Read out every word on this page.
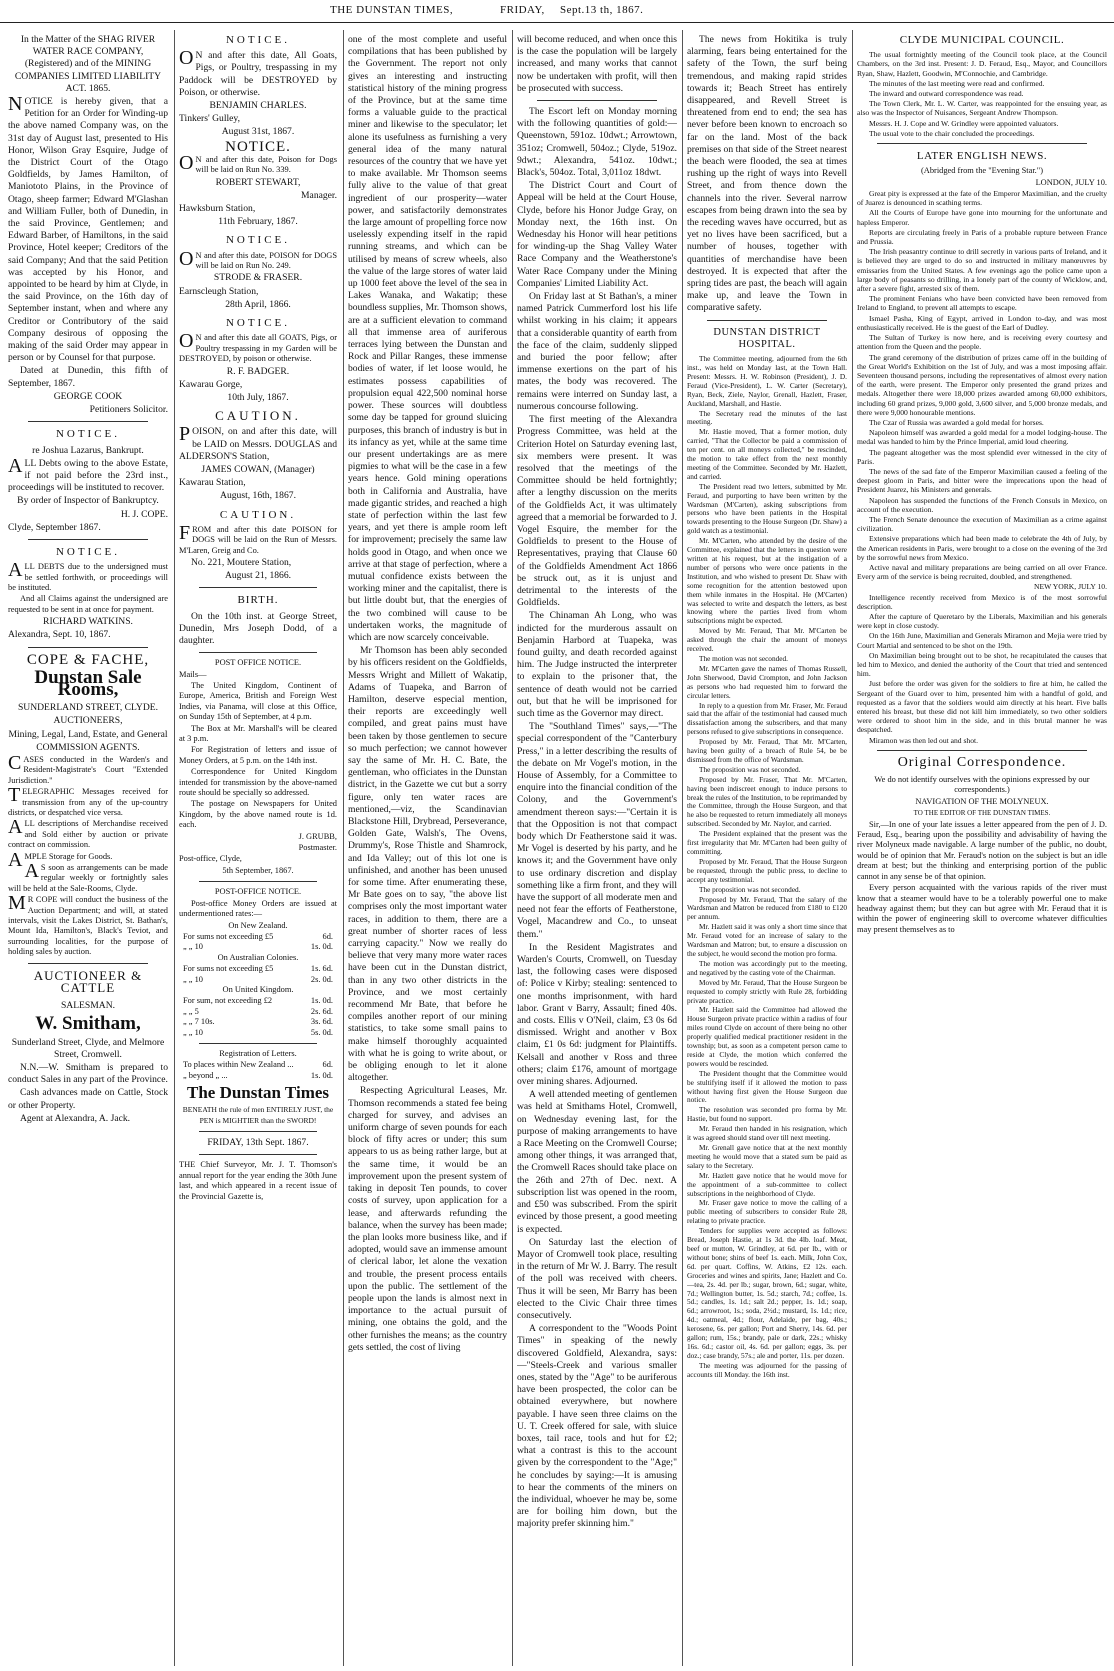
THE DUNSTAN TIMES,	FRIDAY, Sept.13 th, 1867.

In the Matter of the SHAG RIVER WATER RACE COMPANY, (Registered) and of the MINING COMPANIES LIMITED LIABILITY ACT. 1865.

NOTICE is hereby given, that a Petition for an Order for Winding-up the above named Company was, on the 31st day of August last, presented to His Honor, Wilson Gray Esquire, Judge of the District Court of the Otago Goldfields, by James Hamilton, of Maniototo Plains, in the Province of Otago, sheep farmer; Edward M'Glashan and William Fuller, both of Dunedin, in the said Province, Gentlemen; and Edward Barber, of Hamiltons, in the said Province, Hotel keeper; Creditors of the said Company; And that the said Petition was accepted by his Honor, and appointed to be heard by him at Clyde, in the said Province, on the 16th day of September instant, when and where any Creditor or Contributory of the said Company desirous of opposing the making of the said Order may appear in person or by Counsel for that purpose.

Dated at Dunedin, this fifth of September, 1867.

GEORGE COOK

Petitioners Solicitor.

NOTICE.

re Joshua Lazarus, Bankrupt.

ALL Debts owing to the above Estate, if not paid before the 23rd inst., proceedings will be instituted to recover.

By order of Inspector of Bankruptcy.

H. J. COPE.

Clyde, September 1867.

NOTICE.

ALL DEBTS due to the undersigned must be settled forthwith, or proceedings will be instituted.

And all Claims against the undersigned are requested to be sent in at once for payment.

RICHARD WATKINS.

Alexandra, Sept. 10, 1867.

COPE & FACHE,
Dunstan Sale Rooms,

SUNDERLAND STREET, CLYDE.

AUCTIONEERS,

Mining, Legal, Land, Estate, and General

COMMISSION AGENTS.

CASES conducted in the Warden's and Resident-Magistrate's Court "Extended Jurisdiction."

TELEGRAPHIC Messages received for transmission from any of the up-country districts, or despatched vice versa.

ALL descriptions of Merchandise received and Sold either by auction or private contract on commission.

AMPLE Storage for Goods.

AS soon as arrangements can be made regular weekly or fortnightly sales will be held at the Sale-Rooms, Clyde.

MR COPE will conduct the business of the Auction Department; and will, at stated intervals, visit the Lakes District, St. Bathan's, Mount Ida, Hamilton's, Black's Teviot, and surrounding localities, for the purpose of holding sales by auction.

AUCTIONEER & CATTLE

SALESMAN.

W. Smitham,

Sunderland Street, Clyde, and Melmore Street, Cromwell.

N.N.—W. Smitham is prepared to conduct Sales in any part of the Province.

Cash advances made on Cattle, Stock or other Property.

Agent at Alexandra, A. Jack.

NOTICE.

ON and after this date, All Goats, Pigs, or Poultry, trespassing in my Paddock will be DESTROYED by Poison, or otherwise.

BENJAMIN CHARLES.

Tinkers' Gulley,

August 31st, 1867.

NOTICE.

ON and after this date, Poison for Dogs will be laid on Run No. 339.

ROBERT STEWART,

Manager.

Hawksburn Station,

11th February, 1867.

NOTICE.

ON and after this date, POISON for DOGS will be laid on Run No. 249.

STRODE & FRASER.

Earnscleugh Station,

28th April, 1866.

NOTICE.

ON and after this date all GOATS, Pigs, or Poultry trespassing in my Garden will be DESTROYED, by poison or otherwise.

R. F. BADGER.

Kawarau Gorge,

10th July, 1867.

CAUTION.

POISON, on and after this date, will be LAID on Messrs. DOUGLAS and ALDERSON'S Station,

JAMES COWAN, (Manager)

Kawarau Station,

August, 16th, 1867.

CAUTION.

FROM and after this date POISON for DOGS will be laid on the Run of Messrs. M'Laren, Greig and Co.

No. 221, Moutere Station,

August 21, 1866.

BIRTH.

On the 10th inst. at George Street, Dunedin, Mrs Joseph Dodd, of a daughter.

POST OFFICE NOTICE.

Mails—

The United Kingdom, Continent of Europe, America, British and Foreign West Indies, via Panama, will close at this Office, on Sunday 15th of September, at 4 p.m.

The Box at Mr. Marshall's will be cleared at 3 p.m.

For Registration of letters and issue of Money Orders, at 5 p.m. on the 14th inst.

Correspondence for United Kingdom intended for transmission by the above-named route should be specially so addressed.

The postage on Newspapers for United Kingdom, by the above named route is 1d. each.

J. GRUBB,

Postmaster.

Post-office, Clyde,

5th September, 1867.

POST-OFFICE NOTICE.

Post-office Money Orders are issued at undermentioned rates:—

On New Zealand.

For sums not exceeding £5	6d.
„ „ 10	1s. 0d.

On Australian Colonies.

For sums not exceeding £5	1s. 6d.
„ „ 10	2s. 0d.

On United Kingdom.

For sum, not exceeding £2	1s. 0d.
„ „ 5	2s. 6d.
„ „ 7 10s.	3s. 6d.
„ „ 10	5s. 0d.

Registration of Letters.

To places within New Zealand ...	6d.
„ beyond „ ...	1s. 0d.
The Dunstan Times

BENEATH the rule of men ENTIRELY JUST, the PEN is MIGHTIER than the SWORD!

FRIDAY, 13th Sept. 1867.

THE Chief Surveyor, Mr. J. T. Thomson's annual report for the year ending the 30th June last, and which appeared in a recent issue of the Provincial Gazette is,

one of the most complete and useful compilations that has been published by the Government. The report not only gives an interesting and instructing statistical history of the mining progress of the Province, but at the same time forms a valuable guide to the practical miner and likewise to the speculator; let alone its usefulness as furnishing a very general idea of the many natural resources of the country that we have yet to make available. Mr Thomson seems fully alive to the value of that great ingredient of our prosperity—water power, and satisfactorily demonstrates the large amount of propelling force now uselessly expending itself in the rapid running streams, and which can be utilised by means of screw wheels, also the value of the large stores of water laid up 1000 feet above the level of the sea in Lakes Wanaka, and Wakatip; these boundless supplies, Mr. Thomson shows, are at a sufficient elevation to command all that immense area of auriferous terraces lying between the Dunstan and Rock and Pillar Ranges, these immense bodies of water, if let loose would, he estimates possess capabilities of propulsion equal 422,500 nominal horse power. These sources will doubtless some day be tapped for ground sluicing purposes, this branch of industry is but in its infancy as yet, while at the same time our present undertakings are as mere pigmies to what will be the case in a few years hence. Gold mining operations both in California and Australia, have made gigantic strides, and reached a high state of perfection within the last few years, and yet there is ample room left for improvement; precisely the same law holds good in Otago, and when once we arrive at that stage of perfection, where a mutual confidence exists between the working miner and the capitalist, there is but little doubt but, that the energies of the two combined will cause to be undertaken works, the magnitude of which are now scarcely conceivable.

Mr Thomson has been ably seconded by his officers resident on the Goldfields, Messrs Wright and Millett of Wakatip, Adams of Tuapeka, and Barron of Hamilton, deserve especial mention, their reports are exceedingly well compiled, and great pains must have been taken by those gentlemen to secure so much perfection; we cannot however say the same of Mr. H. C. Bate, the gentleman, who officiates in the Dunstan district, in the Gazette we cut but a sorry figure, only ten water races are mentioned,—viz, the Scandinavian Blackstone Hill, Drybread, Perseverance, Golden Gate, Walsh's, The Ovens, Drummy's, Rose Thistle and Shamrock, and Ida Valley; out of this lot one is unfinished, and another has been unused for some time. After enumerating these, Mr Bate goes on to say, "the above list comprises only the most important water races, in addition to them, there are a great number of shorter races of less carrying capacity." Now we really do believe that very many more water races have been cut in the Dunstan district, than in any two other districts in the Province, and we most certainly recommend Mr Bate, that before he compiles another report of our mining statistics, to take some small pains to make himself thoroughly acquainted with what he is going to write about, or be obliging enough to let it alone altogether.

Respecting Agricultural Leases, Mr. Thomson recommends a stated fee being charged for survey, and advises an uniform charge of seven pounds for each block of fifty acres or under; this sum appears to us as being rather large, but at the same time, it would be an improvement upon the present system of taking in deposit Ten pounds, to cover costs of survey, upon application for a lease, and afterwards refunding the balance, when the survey has been made; the plan looks more business like, and if adopted, would save an immense amount of clerical labor, let alone the vexation and trouble, the present process entails upon the public. The settlement of the people upon the lands is almost next in importance to the actual pursuit of mining, one obtains the gold, and the other furnishes the means; as the country gets settled, the cost of living

will become reduced, and when once this is the case the population will be largely increased, and many works that cannot now be undertaken with profit, will then be prosecuted with success.

The Escort left on Monday morning with the following quantities of gold:—Queenstown, 591oz. 10dwt.; Arrowtown, 351oz; Cromwell, 504oz.; Clyde, 519oz. 9dwt.; Alexandra, 541oz. 10dwt.; Black's, 504oz. Total, 3,011oz 18dwt.

The District Court and Court of Appeal will be held at the Court House, Clyde, before his Honor Judge Gray, on Monday next, the 16th inst. On Wednesday his Honor will hear petitions for winding-up the Shag Valley Water Race Company and the Weatherstone's Water Race Company under the Mining Companies' Limited Liability Act.

On Friday last at St Bathan's, a miner named Patrick Cummerford lost his life whilst working in his claim; it appears that a considerable quantity of earth from the face of the claim, suddenly slipped and buried the poor fellow; after immense exertions on the part of his mates, the body was recovered. The remains were interred on Sunday last, a numerous concourse following.

The first meeting of the Alexandra Progress Committee, was held at the Criterion Hotel on Saturday evening last, six members were present. It was resolved that the meetings of the Committee should be held fortnightly; after a lengthy discussion on the merits of the Goldfields Act, it was ultimately agreed that a memorial be forwarded to J. Vogel Esquire, the member for the Goldfields to present to the House of Representatives, praying that Clause 60 of the Goldfields Amendment Act 1866 be struck out, as it is unjust and detrimental to the interests of the Goldfields.

The Chinaman Ah Long, who was indicted for the murderous assault on Benjamin Harbord at Tuapeka, was found guilty, and death recorded against him. The Judge instructed the interpreter to explain to the prisoner that, the sentence of death would not be carried out, but that he will be imprisoned for such time as the Governor may direct.

The "Southland Times" says,—"The special correspondent of the "Canterbury Press," in a letter describing the results of the debate on Mr Vogel's motion, in the House of Assembly, for a Committee to enquire into the financial condition of the Colony, and the Government's amendment thereon says:—"Certain it is that the Opposition is not that compact body which Dr Featherstone said it was. Mr Vogel is deserted by his party, and he knows it; and the Government have only to use ordinary discretion and display something like a firm front, and they will have the support of all moderate men and need not fear the efforts of Featherstone, Vogel, Macandrew and Co., to unseat them."

In the Resident Magistrates and Warden's Courts, Cromwell, on Tuesday last, the following cases were disposed of: Police v Kirby; stealing: sentenced to one months imprisonment, with hard labor. Grant v Barry, Assault; fined 40s. and costs. Ellis v O'Neil, claim, £3 0s 6d dismissed. Wright and another v Box claim, £1 0s 6d: judgment for Plaintiffs. Kelsall and another v Ross and three others; claim £176, amount of mortgage over mining shares. Adjourned.

A well attended meeting of gentlemen was held at Smithams Hotel, Cromwell, on Wednesday evening last, for the purpose of making arrangements to have a Race Meeting on the Cromwell Course; among other things, it was arranged that, the Cromwell Races should take place on the 26th and 27th of Dec. next. A subscription list was opened in the room, and £50 was subscribed. From the spirit evinced by those present, a good meeting is expected.

On Saturday last the election of Mayor of Cromwell took place, resulting in the return of Mr W. J. Barry. The result of the poll was received with cheers. Thus it will be seen, Mr Barry has been elected to the Civic Chair three times consecutively.

A correspondent to the "Woods Point Times" in speaking of the newly discovered Goldfield, Alexandra, says:—"Steels-Creek and various smaller ones, stated by the "Age" to be auriferous have been prospected, the color can be obtained everywhere, but nowhere payable. I have seen three claims on the U. T. Creek offered for sale, with sluice boxes, tail race, tools and hut for £2; what a contrast is this to the account given by the correspondent to the "Age;" he concludes by saying:—It is amusing to hear the comments of the miners on the individual, whoever he may be, some are for boiling him down, but the majority prefer skinning him."

The news from Hokitika is truly alarming, fears being entertained for the safety of the Town, the surf being tremendous, and making rapid strides towards it; Beach Street has entirely disappeared, and Revell Street is threatened from end to end; the sea has never before been known to encroach so far on the land. Most of the back premises on that side of the Street nearest the beach were flooded, the sea at times rushing up the right of ways into Revell Street, and from thence down the channels into the river. Several narrow escapes from being drawn into the sea by the receding waves have occurred, but as yet no lives have been sacrificed, but a number of houses, together with quantities of merchandise have been destroyed. It is expected that after the spring tides are past, the beach will again make up, and leave the Town in comparative safety.

DUNSTAN DISTRICT HOSPITAL.

The Committee meeting, adjourned from the 6th inst., was held on Monday last, at the Town Hall. Present: Messrs. H. W. Robinson (President), J. D. Feraud (Vice-President), L. W. Carter (Secretary), Ryan, Beck, Ziele, Naylor, Grenall, Hazlett, Fraser, Auckland, Marshall, and Hastie.

The Secretary read the minutes of the last meeting.

Mr. Hastie moved, That a former motion, duly carried, "That the Collector be paid a commission of ten per cent. on all moneys collected," be rescinded, the motion to take effect from the next monthly meeting of the Committee. Seconded by Mr. Hazlett, and carried.

The President read two letters, submitted by Mr. Feraud, and purporting to have been written by the Wardsman (M'Carten), asking subscriptions from persons who have been patients in the Hospital towards presenting to the House Surgeon (Dr. Shaw) a gold watch as a testimonial.

Mr. M'Carten, who attended by the desire of the Committee, explained that the letters in question were written at his request, but at the instigation of a number of persons who were once patients in the Institution, and who wished to present Dr. Shaw with some recognition for the attention bestowed upon them while inmates in the Hospital. He (M'Carten) was selected to write and despatch the letters, as best knowing where the parties lived from whom subscriptions might be expected.

Moved by Mr. Feraud, That Mr. M'Carten be asked through the chair the amount of moneys received.

The motion was not seconded.

Mr. M'Carten gave the names of Thomas Russell, John Sherwood, David Crompton, and John Jackson as persons who had requested him to forward the circular letters.

In reply to a question from Mr. Fraser, Mr. Feraud said that the affair of the testimonial had caused much dissatisfaction among the subscribers, and that many persons refused to give subscriptions in consequence.

Proposed by Mr. Feraud, That Mr. M'Carten, having been guilty of a breach of Rule 54, be be dismissed from the office of Wardsman.

The proposition was not seconded.

Proposed by Mr. Fraser, That Mr. M'Carten, having been indiscreet enough to induce persons to break the rules of the Institution, to be reprimanded by the Committee, through the House Surgeon, and that he also be requested to return immediately all moneys subscribed. Seconded by Mr. Naylor, and carried.

The President explained that the present was the first irregularity that Mr. M'Carten had been guilty of committing.

Proposed by Mr. Feraud, That the House Surgeon be requested, through the public press, to decline to accept any testimonial.

The proposition was not seconded.

Proposed by Mr. Feraud, That the salary of the Wardsman and Matron be reduced from £180 to £120 per annum.

Mr. Hazlett said it was only a short time since that Mr. Feraud voted for an increase of salary to the Wardsman and Matron; but, to ensure a discussion on the subject, he would second the motion pro forma.

The motion was accordingly put to the meeting, and negatived by the casting vote of the Chairman.

Moved by Mr. Feraud, That the House Surgeon be requested to comply strictly with Rule 28, forbidding private practice.

Mr. Hazlett said the Committee had allowed the House Surgeon private practice within a radius of four miles round Clyde on account of there being no other properly qualified medical practitioner resident in the township; but, as soon as a competent person came to reside at Clyde, the motion which conferred the powers would be rescinded.

The President thought that the Committee would be stultifying itself if it allowed the motion to pass without having first given the House Surgeon due notice.

The resolution was seconded pro forma by Mr. Hastie, but found no support.

Mr. Feraud then handed in his resignation, which it was agreed should stand over till next meeting.

Mr. Grenall gave notice that at the next monthly meeting he would move that a stated sum be paid as salary to the Secretary.

Mr. Hazlett gave notice that he would move for the appointment of a sub-committee to collect subscriptions in the neighborhood of Clyde.

Mr. Fraser gave notice to move the calling of a public meeting of subscribers to consider Rule 28, relating to private practice.

Tenders for supplies were accepted as follows: Bread, Joseph Hastie, at 1s 3d. the 4lb. loaf. Meat, beef or mutton, W. Grindley, at 6d. per lb., with or without bone; shins of beef 1s. each. Milk, John Cox, 6d. per quart. Coffins, W. Atkins, £2 12s. each. Groceries and wines and spirits, Jane; Hazlett and Co.—tea, 2s. 4d. per lb.; sugar, brown, 6d.; sugar, white, 7d.; Wellington butter, 1s. 5d.; starch, 7d.; coffee, 1s. 5d.; candles, 1s. 1d.; salt 2d.; pepper, 1s. 1d.; soap, 6d.; arrowroot, 1s.; soda, 2½d.; mustard, 1s. 1d.; rice, 4d.; oatmeal, 4d.; flour, Adelaide, per bag, 40s.; kerosene, 6s. per gallon; Port and Sherry, 14s. 6d. per gallon; rum, 15s.; brandy, pale or dark, 22s.; whisky 16s. 6d.; castor oil, 4s. 6d. per gallon; eggs, 3s. per doz.; case brandy, 57s.; ale and porter, 11s. per dozen.

The meeting was adjourned for the passing of accounts till Monday. the 16th inst.

CLYDE MUNICIPAL COUNCIL.

The usual fortnightly meeting of the Council took place, at the Council Chambers, on the 3rd inst. Present: J. D. Feraud, Esq., Mayor, and Councillors Ryan, Shaw, Hazlett, Goodwin, M'Connochie, and Cambridge.

The minutes of the last meeting were read and confirmed.

The inward and outward correspondence was read.

The Town Clerk, Mr. L. W. Carter, was reappointed for the ensuing year, as also was the Inspector of Nuisances, Sergeant Andrew Thompson.

Messrs. H. J. Cope and W. Grindley were appointed valuators.

The usual vote to the chair concluded the proceedings.

LATER ENGLISH NEWS.

(Abridged from the "Evening Star.")

LONDON, JULY 10.

Great pity is expressed at the fate of the Emperor Maximilian, and the cruelty of Juarez is denounced in scathing terms.

All the Courts of Europe have gone into mourning for the unfortunate and hapless Emperor.

Reports are circulating freely in Paris of a probable rupture between France and Prussia.

The Irish peasantry continue to drill secretly in various parts of Ireland, and it is believed they are urged to do so and instructed in military manœuvres by emissaries from the United States. A few evenings ago the police came upon a large body of peasants so drilling, in a lonely part of the county of Wicklow, and, after a severe fight, arrested six of them.

The prominent Fenians who have been convicted have been removed from Ireland to England, to prevent all attempts to escape.

Ismael Pasha, King of Egypt, arrived in London to-day, and was most enthusiastically received. He is the guest of the Earl of Dudley.

The Sultan of Turkey is now here, and is receiving every courtesy and attention from the Queen and the people.

The grand ceremony of the distribution of prizes came off in the building of the Great World's Exhibition on the 1st of July, and was a most imposing affair. Seventeen thousand persons, including the representatives of almost every nation of the earth, were present. The Emperor only presented the grand prizes and medals. Altogether there were 18,000 prizes awarded among 60,000 exhibitors, including 60 grand prizes, 9,000 gold, 3,600 silver, and 5,000 bronze medals, and there were 9,000 honourable mentions.

The Czar of Russia was awarded a gold medal for horses.

Napoleon himself was awarded a gold medal for a model lodging-house. The medal was handed to him by the Prince Imperial, amid loud cheering.

The pageant altogether was the most splendid ever witnessed in the city of Paris.

The news of the sad fate of the Emperor Maximilian caused a feeling of the deepest gloom in Paris, and bitter were the imprecations upon the head of President Juarez, his Ministers and generals.

Napoleon has suspended the functions of the French Consuls in Mexico, on account of the execution.

The French Senate denounce the execution of Maximilian as a crime against civilization.

Extensive preparations which had been made to celebrate the 4th of July, by the American residents in Paris, were brought to a close on the evening of the 3rd by the sorrowful news from Mexico.

Active naval and military preparations are being carried on all over France. Every arm of the service is being recruited, doubled, and strengthened.

NEW YORK, JULY 10.

Intelligence recently received from Mexico is of the most sorrowful description.

After the capture of Queretaro by the Liberals, Maximilian and his generals were kept in close custody.

On the 16th June, Maximilian and Generals Miramon and Mejia were tried by Court Martial and sentenced to be shot on the 19th.

On Maximilian being brought out to be shot, he recapitulated the causes that led him to Mexico, and denied the authority of the Court that tried and sentenced him.

Just before the order was given for the soldiers to fire at him, he called the Sergeant of the Guard over to him, presented him with a handful of gold, and requested as a favor that the soldiers would aim directly at his heart. Five balls entered his breast, but these did not kill him immediately, so two other soldiers were ordered to shoot him in the side, and in this brutal manner he was despatched.

Miramon was then led out and shot.

Original Correspondence.

We do not identify ourselves with the opinions expressed by our correspondents.)

NAVIGATION OF THE MOLYNEUX.

TO THE EDITOR OF THE DUNSTAN TIMES.

Sir,—In one of your late issues a letter appeared from the pen of J. D. Feraud, Esq., bearing upon the possibility and advisability of having the river Molyneux made navigable. A large number of the public, no doubt, would be of opinion that Mr. Feraud's notion on the subject is but an idle dream at best; but the thinking and enterprising portion of the public cannot in any sense be of that opinion.

Every person acquainted with the various rapids of the river must know that a steamer would have to be a tolerably powerful one to make headway against them; but they can but agree with Mr. Feraud that it is within the power of engineering skill to overcome whatever difficulties may present themselves as to
